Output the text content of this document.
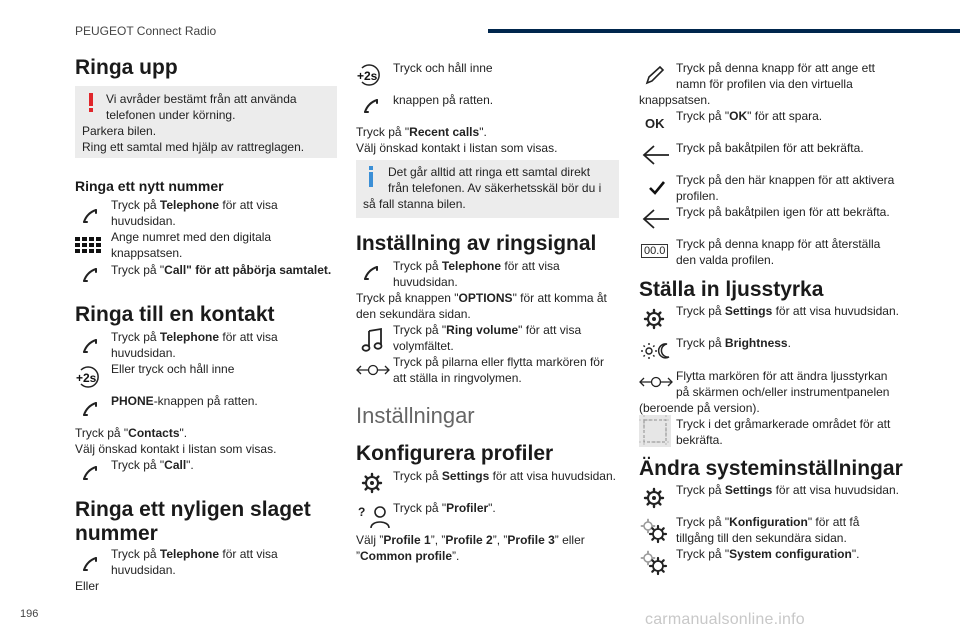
PEUGEOT Connect Radio
196	carmanualsonline.info
Ringa upp
Vi avråder bestämt från att använda
telefonen under körning.
Parkera bilen.
Ring ett samtal med hjälp av rattreglagen.
Ringa ett nytt nummer
Tryck på Telephone för att visa
huvudsidan.
Ange numret med den digitala
knappsatsen.
Tryck på "Call" för att påbörja samtalet.
Ringa till en kontakt
Tryck på Telephone för att visa
huvudsidan.
+2s
Eller tryck och håll inne
PHONE-knappen på ratten.
Tryck på "Contacts".
Välj önskad kontakt i listan som visas.
Tryck på "Call".
Ringa ett nyligen slaget
nummer
Tryck på Telephone för att visa
huvudsidan.
Eller
+2s
Tryck och håll inne
knappen på ratten.
Tryck på "Recent calls".
Välj önskad kontakt i listan som visas.
Det går alltid att ringa ett samtal direkt
från telefonen. Av säkerhetsskäl bör du i
så fall stanna bilen.
Inställning av ringsignal
Tryck på Telephone för att visa
huvudsidan.
Tryck på knappen "OPTIONS" för att komma åt
den sekundära sidan.
Tryck på "Ring volume" för att visa
volymfältet.
Tryck på pilarna eller flytta markören för
att ställa in ringvolymen.
Inställningar
Konfigurera profiler
Tryck på Settings för att visa huvudsidan.
? Tryck på "Profiler".
Välj ”Profile 1”, ”Profile 2”, ”Profile 3” eller
”Common profile”.
Tryck på denna knapp för att ange ett
namn för profilen via den virtuella
knappsatsen.
OK Tryck på "OK" för att spara.
Tryck på bakåtpilen för att bekräfta.
Tryck på den här knappen för att aktivera
profilen.
Tryck på bakåtpilen igen för att bekräfta.
00.0 Tryck på denna knapp för att återställa
den valda profilen.
Ställa in ljusstyrka
Tryck på Settings för att visa huvudsidan.
Tryck på Brightness.
Flytta markören för att ändra ljusstyrkan
på skärmen och/eller instrumentpanelen
(beroende på version).
Tryck i det gråmarkerade området för att
bekräfta.
Ändra systeminställningar
Tryck på Settings för att visa huvudsidan.
Tryck på "Konfiguration" för att få
tillgång till den sekundära sidan.
Tryck på "System configuration".
